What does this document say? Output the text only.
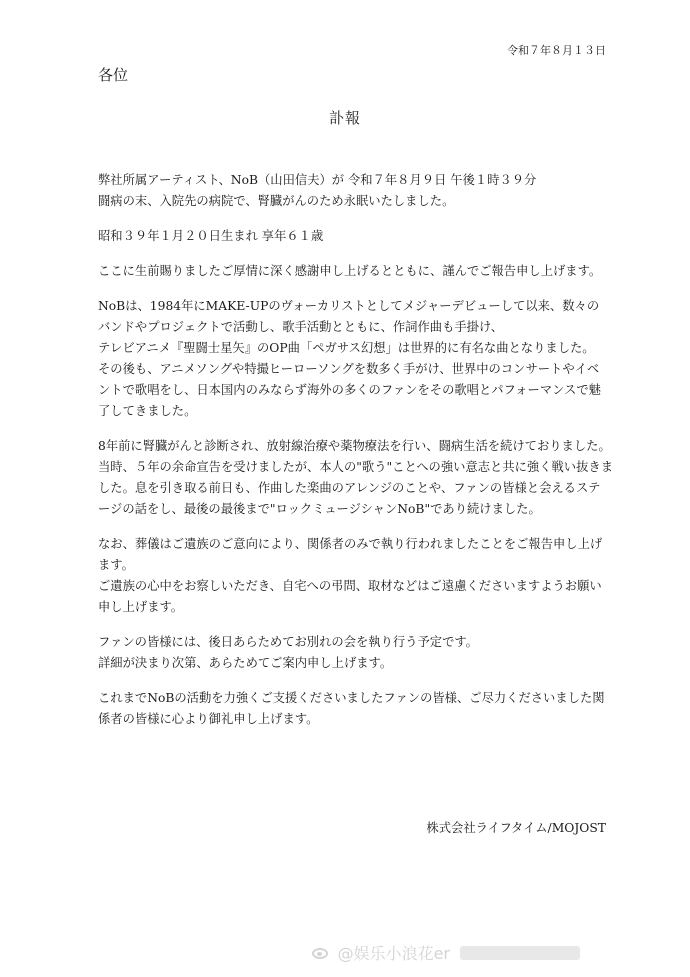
令和７年８月１３日
各位
訃報
弊社所属アーティスト、NoB（山田信夫）が 令和７年８月９日 午後１時３９分
闘病の末、入院先の病院で、腎臓がんのため永眠いたしました。
昭和３９年１月２０日生まれ 享年６１歳
ここに生前賜りましたご厚情に深く感謝申し上げるとともに、謹んでご報告申し上げます。
NoBは、1984年にMAKE-UPのヴォーカリストとしてメジャーデビューして以来、数々の
バンドやプロジェクトで活動し、歌手活動とともに、作詞作曲も手掛け、
テレビアニメ『聖闘士星矢』のOP曲「ペガサス幻想」は世界的に有名な曲となりました。
その後も、アニメソングや特撮ヒーローソングを数多く手がけ、世界中のコンサートやイベ
ントで歌唱をし、日本国内のみならず海外の多くのファンをその歌唱とパフォーマンスで魅
了してきました。
8年前に腎臓がんと診断され、放射線治療や薬物療法を行い、闘病生活を続けておりました。
当時、５年の余命宣告を受けましたが、本人の"歌う"ことへの強い意志と共に強く戦い抜きま
した。息を引き取る前日も、作曲した楽曲のアレンジのことや、ファンの皆様と会えるステ
ージの話をし、最後の最後まで"ロックミュージシャンNoB"であり続けました。
なお、葬儀はご遺族のご意向により、関係者のみで執り行われましたことをご報告申し上げ
ます。
ご遺族の心中をお察しいただき、自宅への弔問、取材などはご遠慮くださいますようお願い
申し上げます。
ファンの皆様には、後日あらためてお別れの会を執り行う予定です。
詳細が決まり次第、あらためてご案内申し上げます。
これまでNoBの活動を力強くご支援くださいましたファンの皆様、ご尽力くださいました関
係者の皆様に心より御礼申し上げます。
株式会社ライフタイム/MOJOST
@娱乐小浪花er
